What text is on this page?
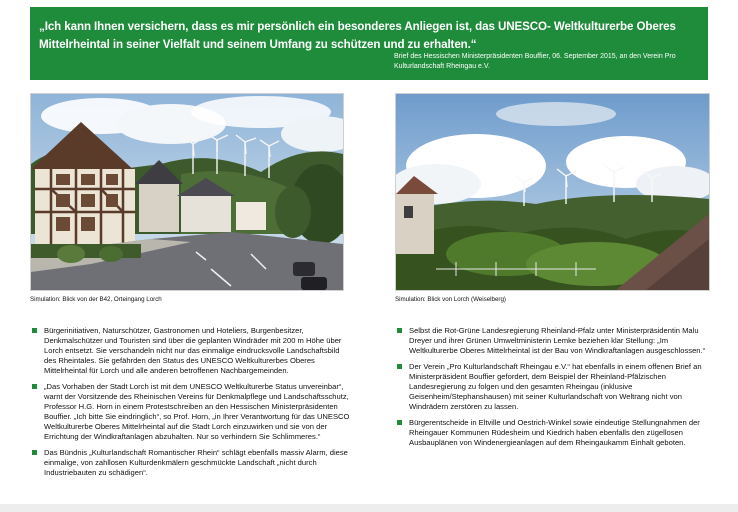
„Ich kann Ihnen versichern, dass es mir persönlich ein besonderes Anliegen ist, das UNESCO- Weltkulturerbe Oberes Mittelrheintal in seiner Vielfalt und seinem Umfang zu schützen und zu erhalten.“
Brief des Hessischen Ministerpräsidenten Bouffier, 06. September 2015, an den Verein Pro Kulturlandschaft Rheingau e.V.
Simulation: Blick von der B42, Orteingang Lorch	Simulation: Blick von Lorch (Weiselberg)
Bürgerinitiativen, Naturschützer, Gastronomen und Hoteliers, Burgenbesitzer, Denkmalschützer und Touristen sind über die geplanten Windräder mit 200 m Höhe über Lorch entsetzt. Sie verschandeln nicht nur das einmalige eindrucksvolle Landschaftsbild des Rheintales. Sie gefährden den Status des UNESCO Weltkulturerbes Oberes Mittelrheintal für Lorch und alle anderen betroffenen Nachbargemeinden.
„Das Vorhaben der Stadt Lorch ist mit dem UNESCO Weltkulturerbe Status unvereinbar“, warnt der Vorsitzende des Rheinischen Vereins für Denkmalpflege und Landschaftsschutz, Professor H.G. Horn in einem Protestschreiben an den Hessischen Ministerpräsidenten Bouffier. „Ich bitte Sie eindringlich“, so Prof. Horn, „in Ihrer Verantwortung für das UNESCO Weltkulturerbe Oberes Mittelrheintal auf die Stadt Lorch einzuwirken und sie von der Errichtung der Windkraftanlagen abzuhalten. Nur so verhindern Sie Schlimmeres.“
Das Bündnis „Kulturlandschaft Romantischer Rhein“ schlägt ebenfalls massiv Alarm, diese einmalige, von zahllosen Kulturdenkmälern geschmückte Landschaft „nicht durch Industriebauten zu schädigen“.
Selbst die Rot-Grüne Landesregierung Rheinland-Pfalz unter Ministerpräsidentin Malu Dreyer und ihrer Grünen Umweltministerin Lemke beziehen klar Stellung: „Im Weltkulturerbe Oberes Mittelrheintal ist der Bau von Windkraftanlagen ausgeschlossen.“
Der Verein „Pro Kulturlandschaft Rheingau e.V.“ hat ebenfalls in einem offenen Brief an Ministerpräsident Bouffier gefordert, dem Beispiel der Rheinland-Pfälzischen Landesregierung zu folgen und den gesamten Rheingau (inklusive Geisenheim/Stephanshausen) mit seiner Kulturlandschaft von Weltrang nicht von Windrädern zerstören zu lassen.
Bürgerentscheide in Eltville und Oestrich-Winkel sowie eindeutige Stellungnahmen der Rheingauer Kommunen Rüdesheim und Kiedrich haben ebenfalls den zügellosen Ausbauplänen von Windenergieanlagen auf dem Rheingaukamm Einhalt geboten.
